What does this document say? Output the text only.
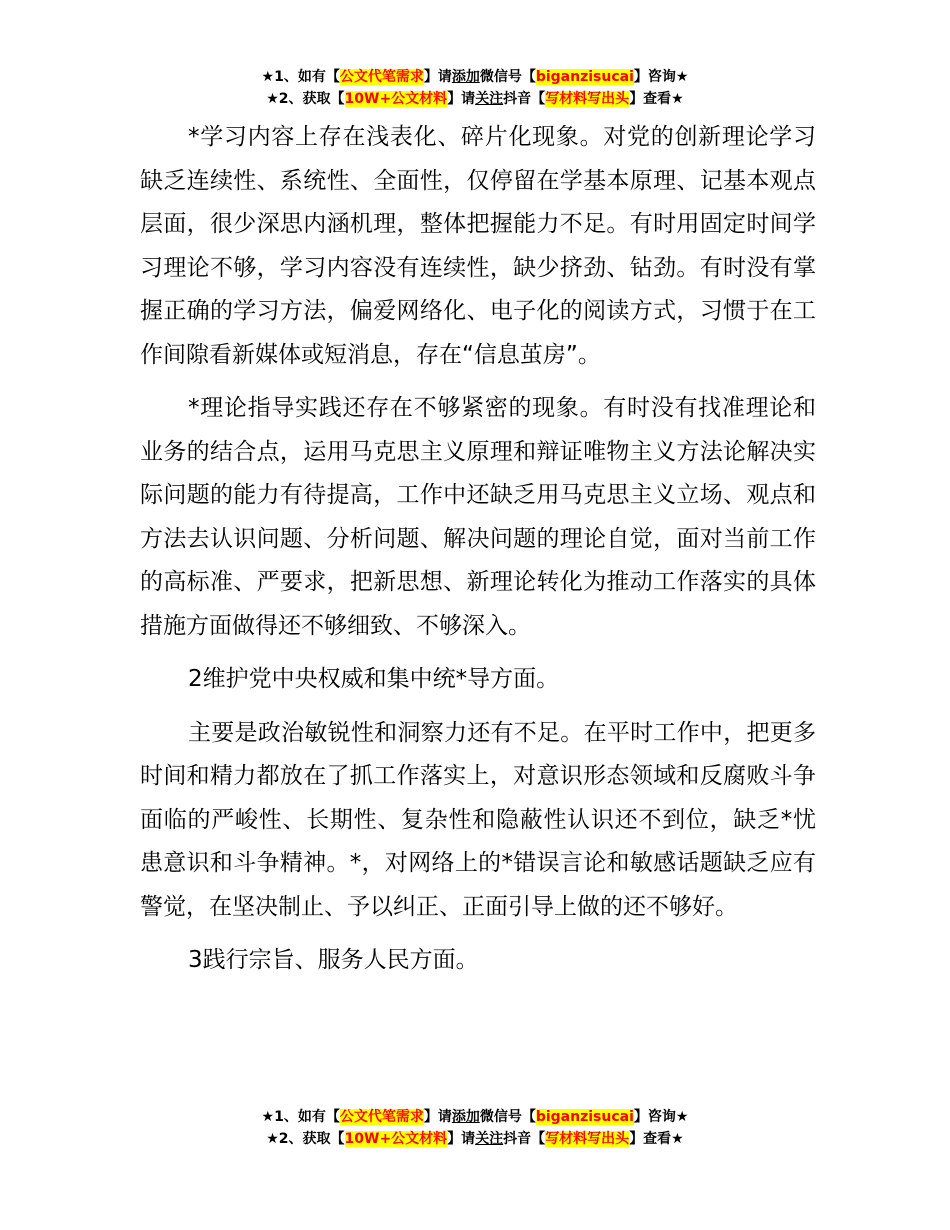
★1、如有【公文代笔需求】请添加微信号【biganzisucai】咨询★
★2、获取【10W+公文材料】请关注抖音【写材料写出头】查看★

*学习内容上存在浅表化、碎片化现象。对党的创新理论学习缺乏连续性、系统性、全面性，仅停留在学基本原理、记基本观点层面，很少深思内涵机理，整体把握能力不足。有时用固定时间学习理论不够，学习内容没有连续性，缺少挤劲、钻劲。有时没有掌握正确的学习方法，偏爱网络化、电子化的阅读方式，习惯于在工作间隙看新媒体或短消息，存在“信息茧房”。

*理论指导实践还存在不够紧密的现象。有时没有找准理论和业务的结合点，运用马克思主义原理和辩证唯物主义方法论解决实际问题的能力有待提高，工作中还缺乏用马克思主义立场、观点和方法去认识问题、分析问题、解决问题的理论自觉，面对当前工作的高标准、严要求，把新思想、新理论转化为推动工作落实的具体措施方面做得还不够细致、不够深入。

2维护党中央权威和集中统*导方面。

主要是政治敏锐性和洞察力还有不足。在平时工作中，把更多时间和精力都放在了抓工作落实上，对意识形态领域和反腐败斗争面临的严峻性、长期性、复杂性和隐蔽性认识还不到位，缺乏*忧患意识和斗争精神。*，对网络上的*错误言论和敏感话题缺乏应有警觉，在坚决制止、予以纠正、正面引导上做的还不够好。

3践行宗旨、服务人民方面。

★1、如有【公文代笔需求】请添加微信号【biganzisucai】咨询★
★2、获取【10W+公文材料】请关注抖音【写材料写出头】查看★
